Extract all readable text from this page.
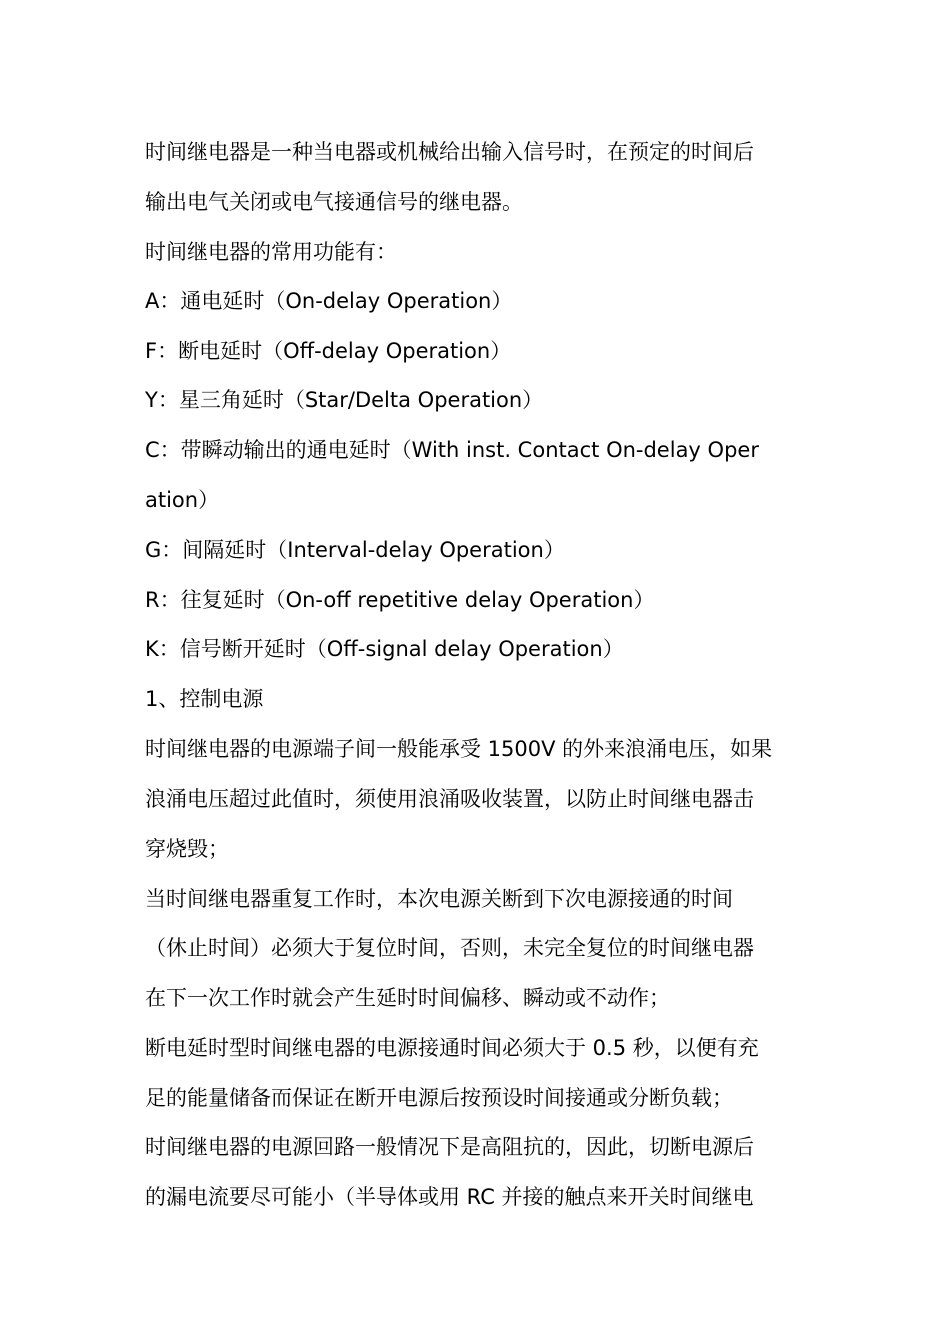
时间继电器是一种当电器或机械给出输入信号时，在预定的时间后
输出电气关闭或电气接通信号的继电器。
时间继电器的常用功能有：
A：通电延时（On-delay Operation）
F：断电延时（Off-delay Operation）
Y：星三角延时（Star/Delta Operation）
C：带瞬动输出的通电延时（With inst. Contact On-delay Oper
ation）
G：间隔延时（Interval-delay Operation）
R：往复延时（On-off repetitive delay Operation）
K：信号断开延时（Off-signal delay Operation）
1、控制电源
时间继电器的电源端子间一般能承受 1500V 的外来浪涌电压，如果
浪涌电压超过此值时，须使用浪涌吸收装置，以防止时间继电器击
穿烧毁；
当时间继电器重复工作时，本次电源关断到下次电源接通的时间
（休止时间）必须大于复位时间，否则，未完全复位的时间继电器
在下一次工作时就会产生延时时间偏移、瞬动或不动作；
断电延时型时间继电器的电源接通时间必须大于 0.5 秒，以便有充
足的能量储备而保证在断开电源后按预设时间接通或分断负载；
时间继电器的电源回路一般情况下是高阻抗的，因此，切断电源后
的漏电流要尽可能小（半导体或用 RC 并接的触点来开关时间继电
